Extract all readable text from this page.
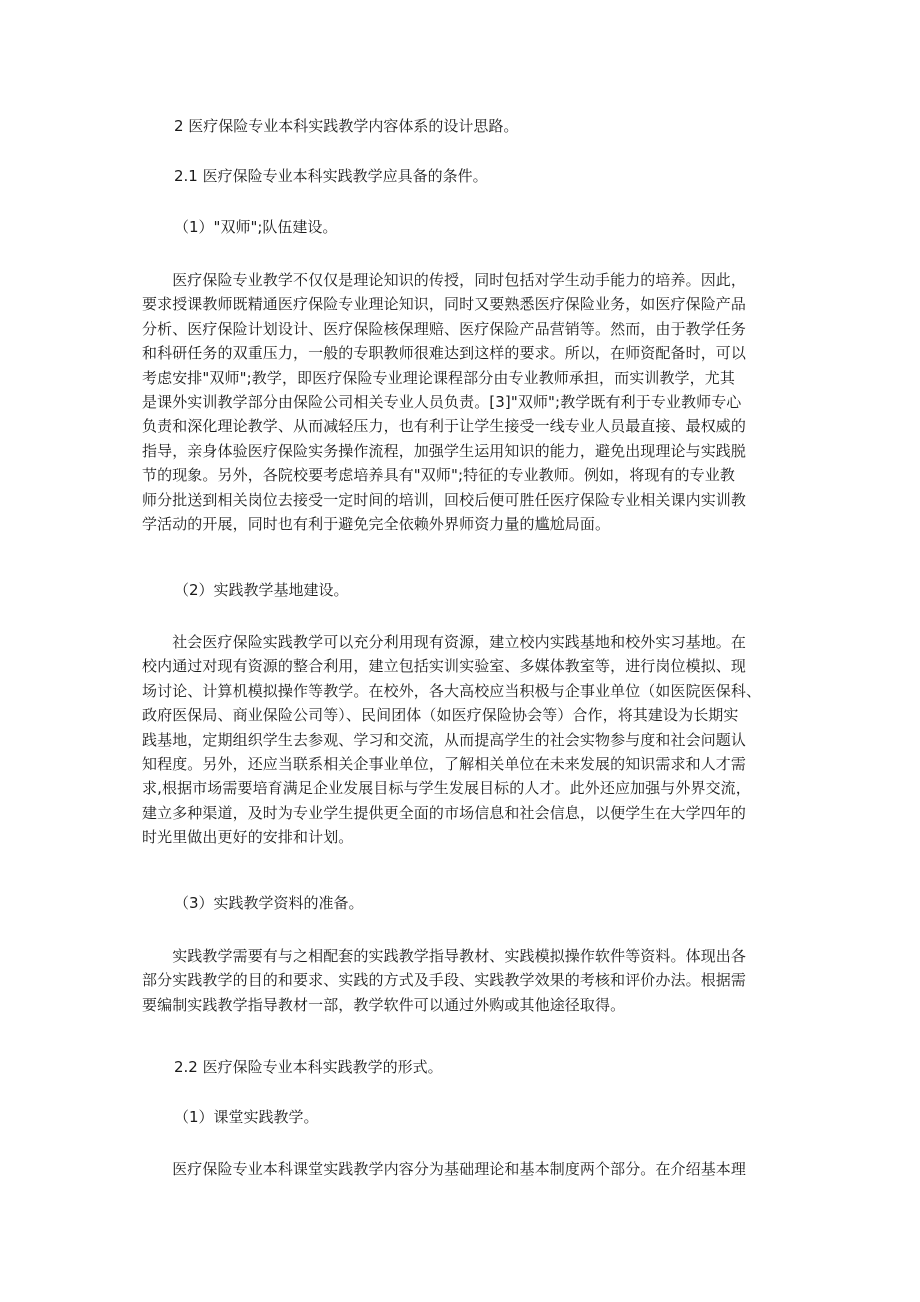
2 医疗保险专业本科实践教学内容体系的设计思路。
2.1 医疗保险专业本科实践教学应具备的条件。
（1）"双师";队伍建设。
　　医疗保险专业教学不仅仅是理论知识的传授，同时包括对学生动手能力的培养。因此，
要求授课教师既精通医疗保险专业理论知识，同时又要熟悉医疗保险业务，如医疗保险产品
分析、医疗保险计划设计、医疗保险核保理赔、医疗保险产品营销等。然而，由于教学任务
和科研任务的双重压力，一般的专职教师很难达到这样的要求。所以，在师资配备时，可以
考虑安排"双师";教学，即医疗保险专业理论课程部分由专业教师承担，而实训教学，尤其
是课外实训教学部分由保险公司相关专业人员负责。[3]"双师";教学既有利于专业教师专心
负责和深化理论教学、从而减轻压力，也有利于让学生接受一线专业人员最直接、最权威的
指导，亲身体验医疗保险实务操作流程，加强学生运用知识的能力，避免出现理论与实践脱
节的现象。另外，各院校要考虑培养具有"双师";特征的专业教师。例如，将现有的专业教
师分批送到相关岗位去接受一定时间的培训，回校后便可胜任医疗保险专业相关课内实训教
学活动的开展，同时也有利于避免完全依赖外界师资力量的尴尬局面。
（2）实践教学基地建设。
　　社会医疗保险实践教学可以充分利用现有资源，建立校内实践基地和校外实习基地。在
校内通过对现有资源的整合利用，建立包括实训实验室、多媒体教室等，进行岗位模拟、现
场讨论、计算机模拟操作等教学。在校外，各大高校应当积极与企事业单位（如医院医保科、
政府医保局、商业保险公司等）、民间团体（如医疗保险协会等）合作，将其建设为长期实
践基地，定期组织学生去参观、学习和交流，从而提高学生的社会实物参与度和社会问题认
知程度。另外，还应当联系相关企事业单位，了解相关单位在未来发展的知识需求和人才需
求,根据市场需要培育满足企业发展目标与学生发展目标的人才。此外还应加强与外界交流，
建立多种渠道，及时为专业学生提供更全面的市场信息和社会信息，以便学生在大学四年的
时光里做出更好的安排和计划。
（3）实践教学资料的准备。
　　实践教学需要有与之相配套的实践教学指导教材、实践模拟操作软件等资料。体现出各
部分实践教学的目的和要求、实践的方式及手段、实践教学效果的考核和评价办法。根据需
要编制实践教学指导教材一部，教学软件可以通过外购或其他途径取得。
2.2 医疗保险专业本科实践教学的形式。
（1）课堂实践教学。
　　医疗保险专业本科课堂实践教学内容分为基础理论和基本制度两个部分。在介绍基本理
